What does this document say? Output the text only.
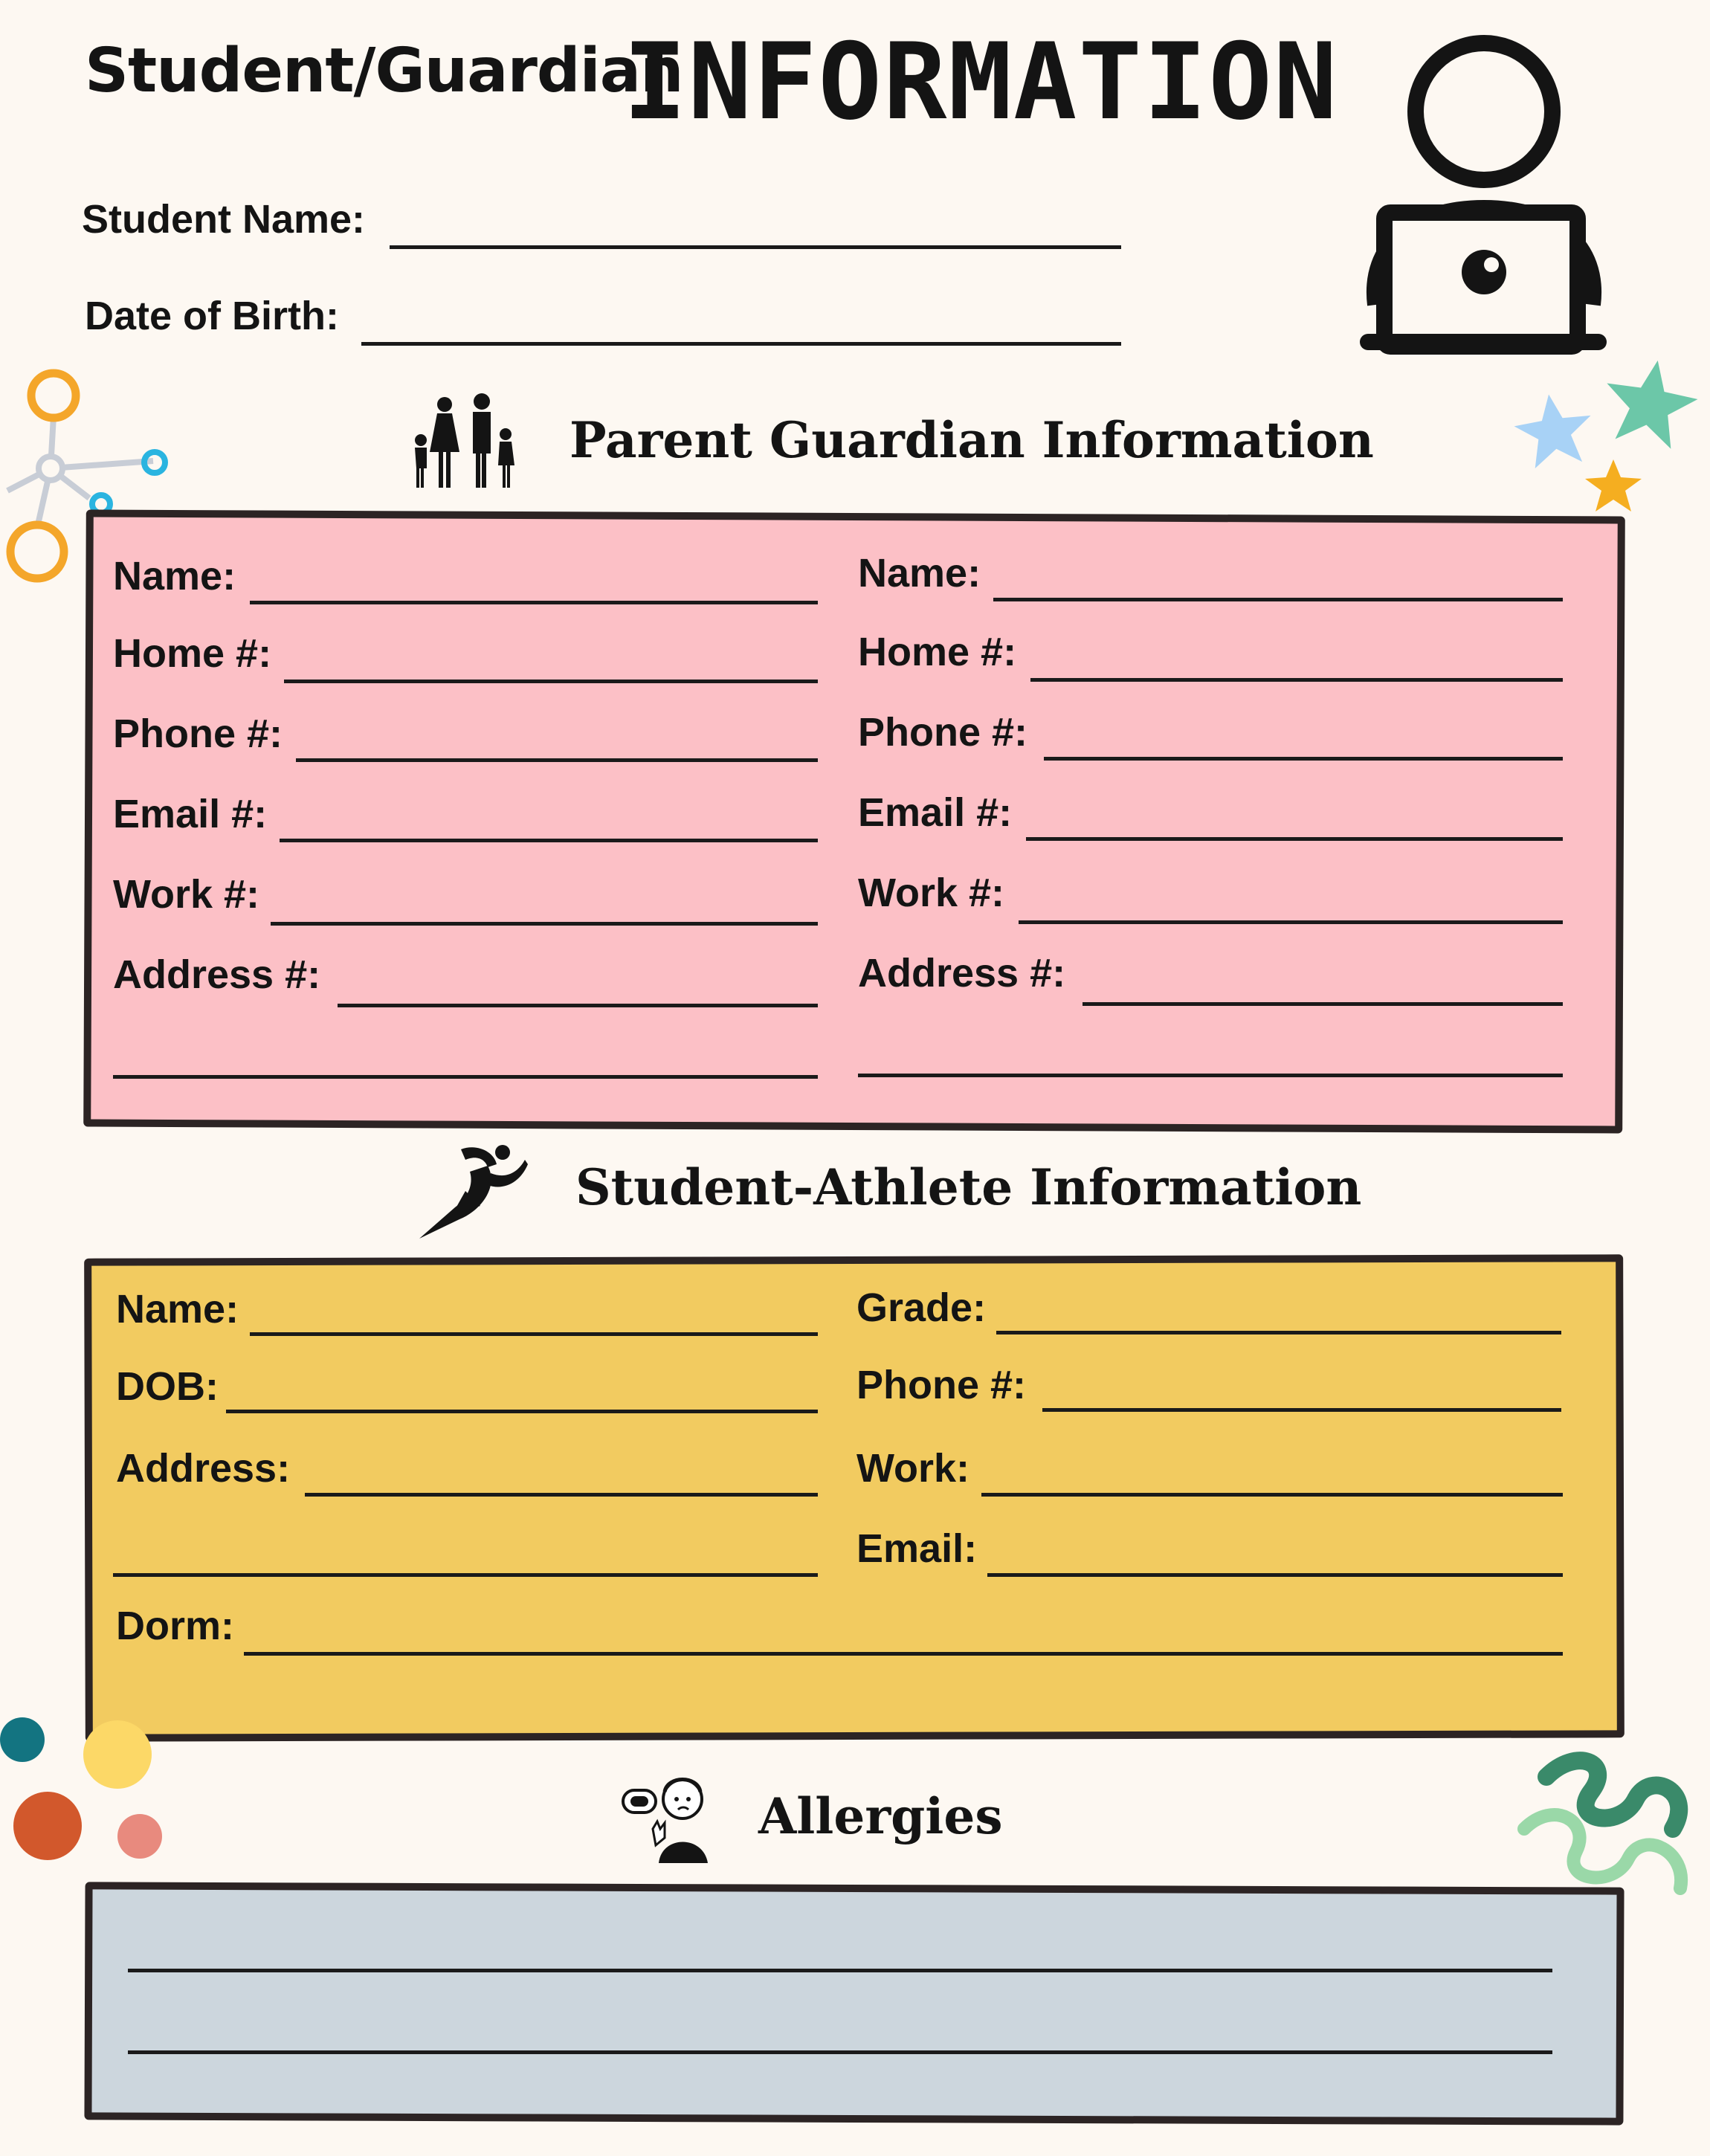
Student/Guardian
INFORMATION
Student Name:
Date of Birth:
Parent Guardian Information
Name:
Home #:
Phone #:
Email #:
Work #:
Address #:
Name:
Home #:
Phone #:
Email #:
Work #:
Address #:
Student-Athlete Information
Name:
DOB:
Address:
Dorm:
Grade:
Phone #:
Work:
Email:
Allergies
